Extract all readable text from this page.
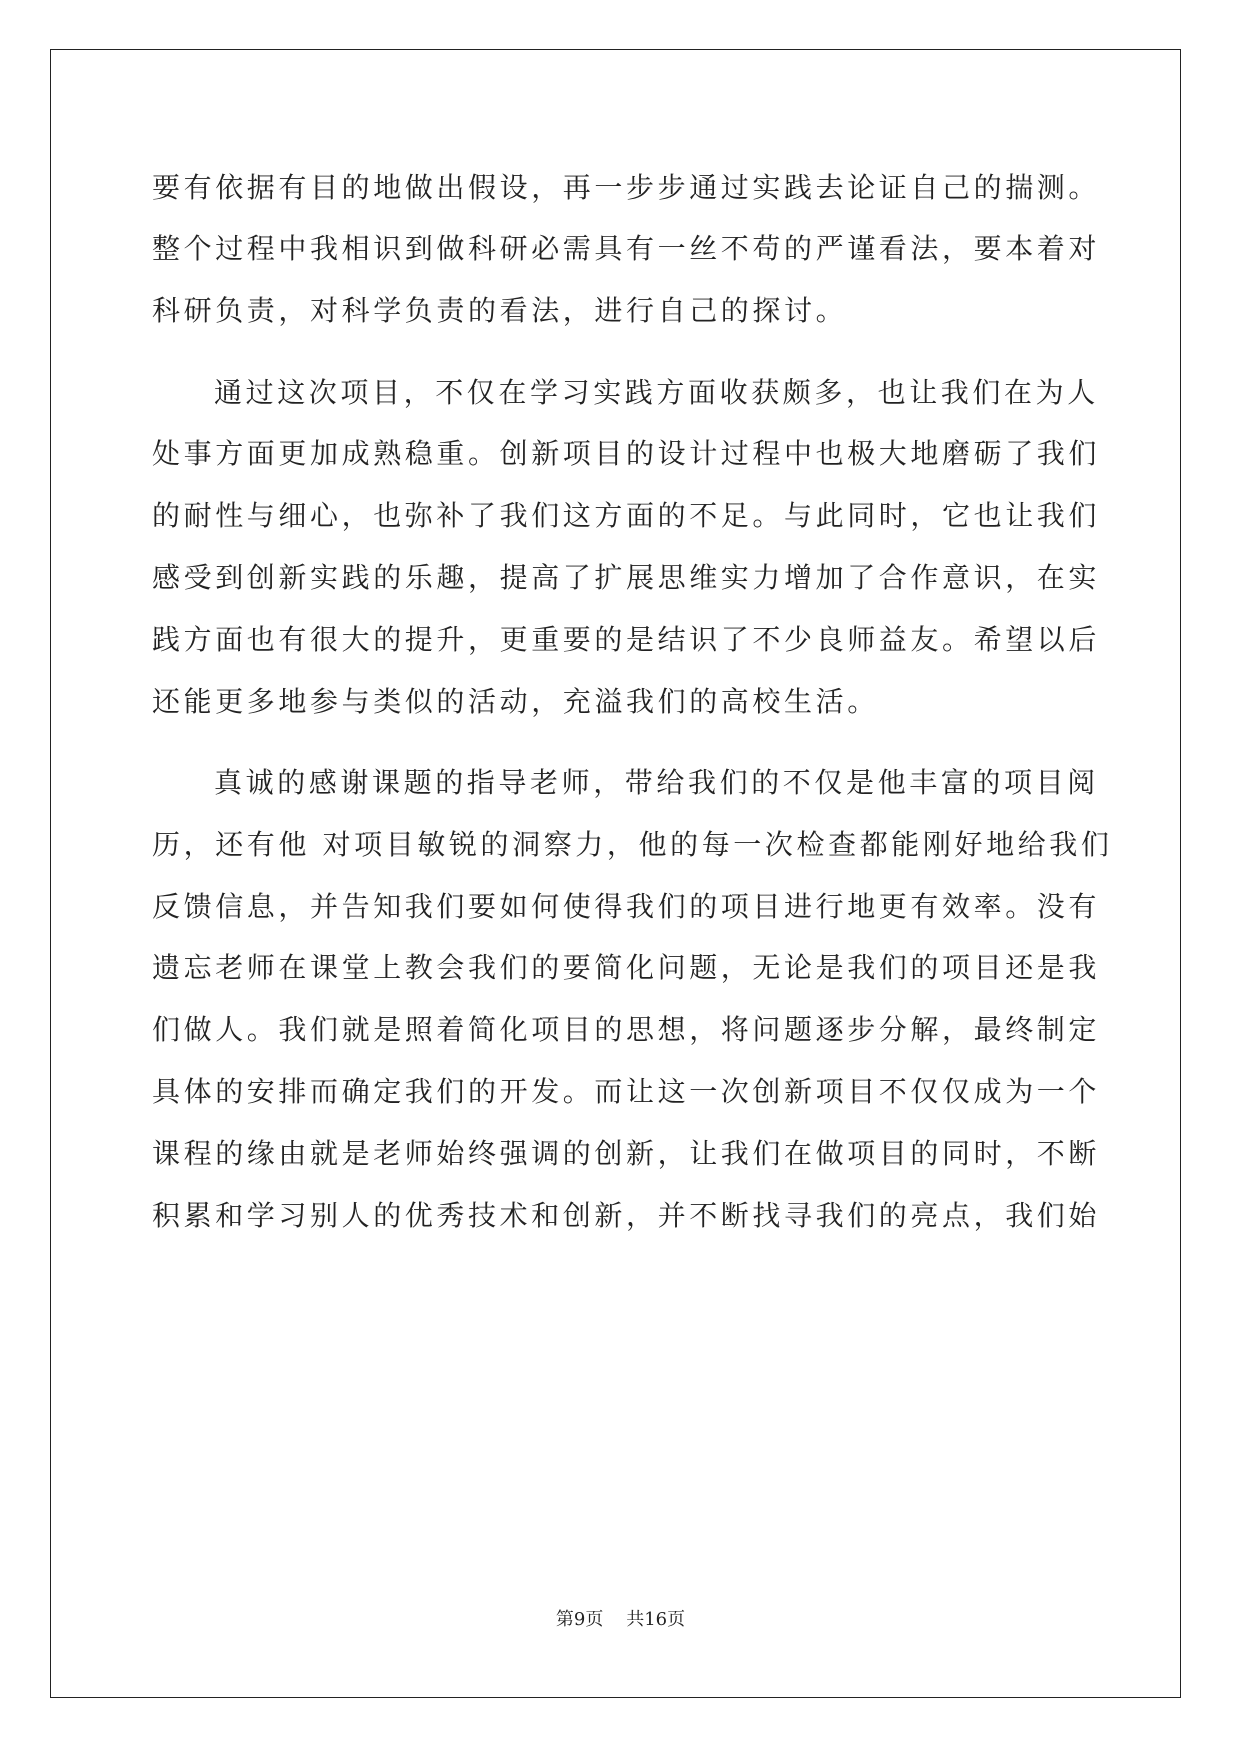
要有依据有目的地做出假设，再一步步通过实践去论证自己的揣测。
整个过程中我相识到做科研必需具有一丝不苟的严谨看法，要本着对
科研负责，对科学负责的看法，进行自己的探讨。
通过这次项目，不仅在学习实践方面收获颇多，也让我们在为人
处事方面更加成熟稳重。创新项目的设计过程中也极大地磨砺了我们
的耐性与细心，也弥补了我们这方面的不足。与此同时，它也让我们
感受到创新实践的乐趣，提高了扩展思维实力增加了合作意识，在实
践方面也有很大的提升，更重要的是结识了不少良师益友。希望以后
还能更多地参与类似的活动，充溢我们的高校生活。
真诚的感谢课题的指导老师，带给我们的不仅是他丰富的项目阅
历，还有他 对项目敏锐的洞察力，他的每一次检查都能刚好地给我们
反馈信息，并告知我们要如何使得我们的项目进行地更有效率。没有
遗忘老师在课堂上教会我们的要简化问题，无论是我们的项目还是我
们做人。我们就是照着简化项目的思想，将问题逐步分解，最终制定
具体的安排而确定我们的开发。而让这一次创新项目不仅仅成为一个
课程的缘由就是老师始终强调的创新，让我们在做项目的同时，不断
积累和学习别人的优秀技术和创新，并不断找寻我们的亮点，我们始
第9页 共16页
